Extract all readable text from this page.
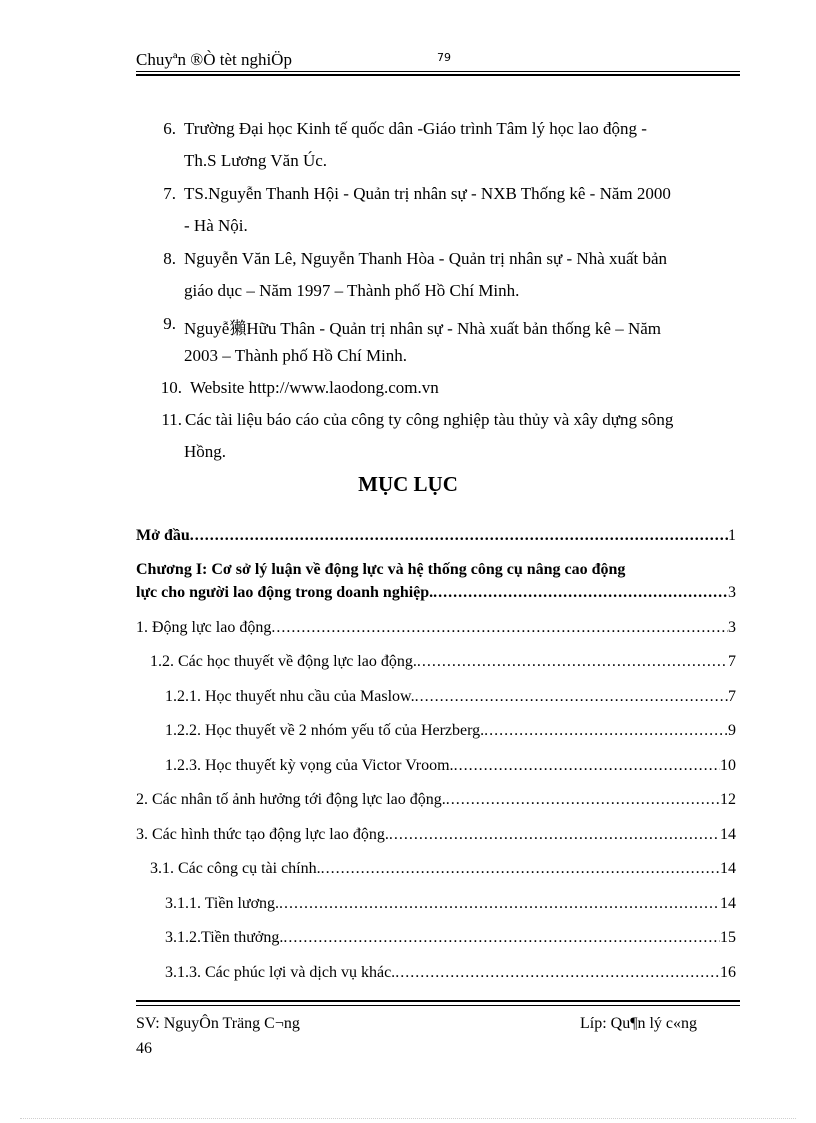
Chuyªn ®Ò tèt nghiÖp	79
6. Trường Đại học Kinh tế quốc dân -Giáo trình Tâm lý học lao động -
Th.S Lương Văn Úc.
7. TS.Nguyễn Thanh Hội - Quản trị nhân sự - NXB Thống kê - Năm 2000
- Hà Nội.
8. Nguyễn Văn Lê, Nguyễn Thanh Hòa - Quản trị nhân sự - Nhà xuất bản
giáo dục – Năm 1997 – Thành phố Hồ Chí Minh.
9. Nguyễ獺Hữu Thân - Quản trị nhân sự - Nhà xuất bản thống kê – Năm
2003 – Thành phố Hồ Chí Minh.
10. Website http://www.laodong.com.vn
11. Các tài liệu báo cáo của công ty công nghiệp tàu thủy và xây dựng sông
Hồng.
MỤC LỤC
Mở đầu .....	1
Chương I: Cơ sở lý luận về động lực và hệ thống công cụ nâng cao động
lực cho người lao động trong doanh nghiệp. .....	3
1. Động lực lao động .....	3
1.2. Các học thuyết về động lực lao động. .....	7
1.2.1. Học thuyết nhu cầu của Maslow. .....	7
1.2.2. Học thuyết về 2 nhóm yếu tố của Herzberg. .....	9
1.2.3. Học thuyết kỳ vọng của Victor Vroom. .....	10
2. Các nhân tố ảnh hưởng tới động lực lao động. .....	12
3. Các hình thức tạo động lực lao động. .....	14
3.1. Các công cụ tài chính. .....	14
3.1.1. Tiền lương. .....	14
3.1.2.Tiền thưởng. .....	15
3.1.3. Các phúc lợi và dịch vụ khác. .....	16
SV: NguyÔn Träng C¬ng	Líp: Qu¶n lý c«ng
46
